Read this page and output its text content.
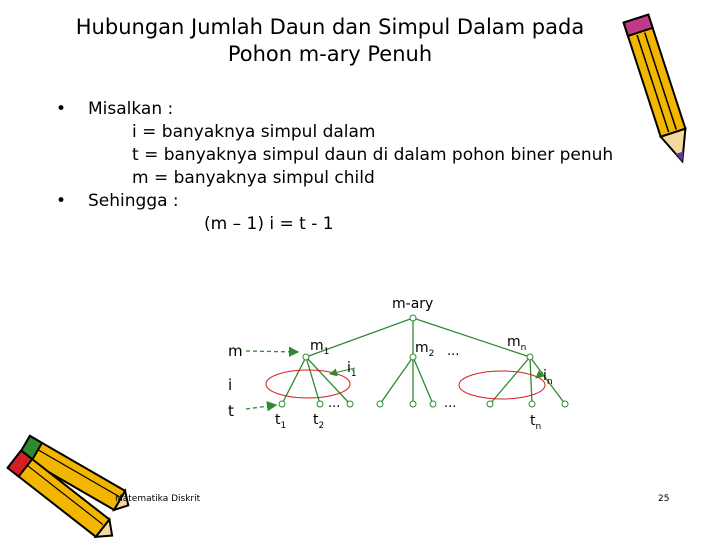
Hubungan Jumlah Daun dan Simpul Dalam pada
Pohon m-ary Penuh
• Misalkan :
i = banyaknya simpul dalam
t = banyaknya simpul daun di dalam pohon biner penuh
m = banyaknya simpul child
• Sehingga :
(m – 1) i = t - 1
m-ary
m
i
t
$m_1$	$m_2$ ...
$m_n$
$i_1$	$i_n$
$t_1$ $t_2$
...	...
$t_n$
Matematika Diskrit	25
